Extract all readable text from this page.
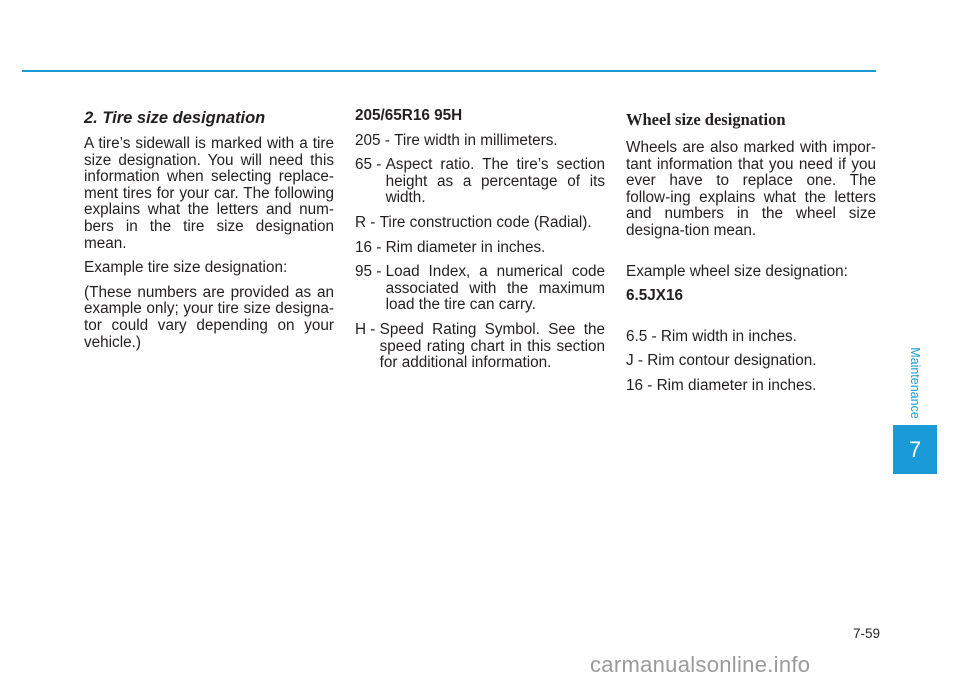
2. Tire size designation

A tire’s sidewall is marked with a tire size designation. You will need this information when selecting replace-ment tires for your car. The following explains what the letters and num-bers in the tire size designation mean.

Example tire size designation:

(These numbers are provided as an example only; your tire size designa-tor could vary depending on your vehicle.)

205/65R16 95H

205 - Tire width in millimeters.
65 - Aspect ratio. The tire’s section height as a percentage of its width.
R - Tire construction code (Radial).
16 - Rim diameter in inches.
95 - Load Index, a numerical code associated with the maximum load the tire can carry.
H - Speed Rating Symbol. See the speed rating chart in this section for additional information.
Wheel size designation

Wheels are also marked with impor-tant information that you need if you ever have to replace one. The follow-ing explains what the letters and numbers in the wheel size designa-tion mean.

Example wheel size designation:

6.5JX16

6.5 - Rim width in inches.
J - Rim contour designation.
16 - Rim diameter in inches.	Maintenance
7
7-59
carmanualsonline.info
